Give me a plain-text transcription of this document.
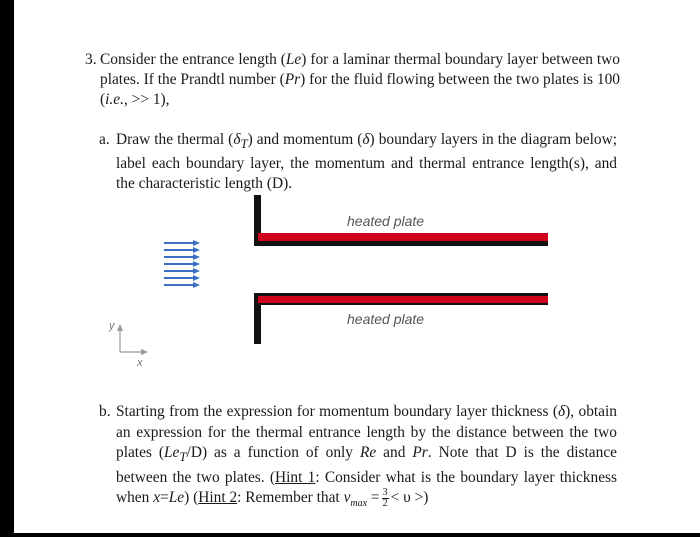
3. Consider the entrance length (Le) for a laminar thermal boundary layer between two plates. If the Prandtl number (Pr) for the fluid flowing between the two plates is 100 (i.e., >> 1),
a. Draw the thermal $(\delta_T)$ and momentum (δ) boundary layers in the diagram below; label each boundary layer, the momentum and thermal entrance length(s), and the characteristic length (D).
heated plate
heated plate
y
x
b. Starting from the expression for momentum boundary layer thickness (δ), obtain an expression for the thermal entrance length by the distance between the two plates $(Le_T/D)$ as a function of only Re and Pr. Note that D is the distance between the two plates. (Hint 1: Consider what is the boundary layer thickness when x=Le) (Hint 2: Remember that $v_{max} = \frac{3}{2} < \upsilon$ >)
